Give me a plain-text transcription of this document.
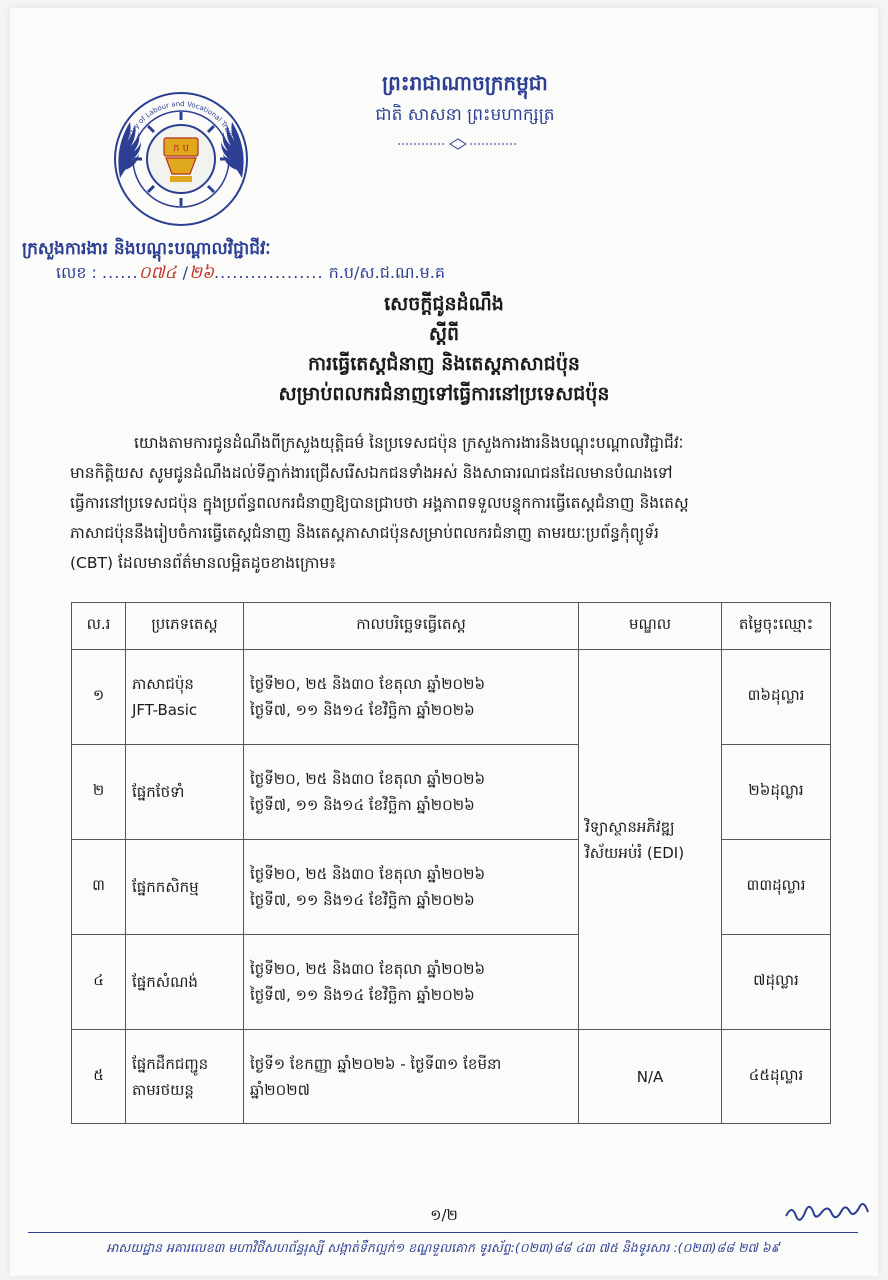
ក ប
Ministry of Labour and Vocational Training
ព្រះរាជាណាចក្រកម្ពុជា
ជាតិ សាសនា ព្រះមហាក្សត្រ
ក្រសួងការងារ និងបណ្តុះបណ្តាលវិជ្ជាជីវៈ
លេខ : ......០៧៤ /២៦.................. ក.ប/ស.ជ.ណ.ម.គ
សេចក្តីជូនដំណឹង
ស្តីពី
ការធ្វើតេស្តជំនាញ និងតេស្តភាសាជប៉ុន
សម្រាប់ពលករជំនាញទៅធ្វើការនៅប្រទេសជប៉ុន
យោងតាមការជូនដំណឹងពីក្រសួងយុត្តិធម៌ នៃប្រទេសជប៉ុន ក្រសួងការងារនិងបណ្តុះបណ្តាលវិជ្ជាជីវៈ
មានកិត្តិយស សូមជូនដំណឹងដល់ទីភ្នាក់ងារជ្រើសរើសឯកជនទាំងអស់ និងសាធារណជនដែលមានបំណងទៅ
ធ្វើការនៅប្រទេសជប៉ុន ក្នុងប្រព័ន្ធពលករជំនាញឱ្យបានជ្រាបថា អង្គភាពទទួលបន្ទុកការធ្វើតេស្តជំនាញ និងតេស្ត
ភាសាជប៉ុននឹងរៀបចំការធ្វើតេស្តជំនាញ និងតេស្តភាសាជប៉ុនសម្រាប់ពលករជំនាញ តាមរយៈប្រព័ន្ធកុំព្យូទ័រ
(CBT) ដែលមានព័ត៌មានលម្អិតដូចខាងក្រោម៖
ល.រ	ប្រភេទតេស្ត	កាលបរិច្ឆេទធ្វើតេស្ត	មណ្ឌល	តម្លៃចុះឈ្មោះ
១	ភាសាជប៉ុន
JFT-Basic	ថ្ងៃទី២០, ២៥ និង៣០ ខែតុលា ឆ្នាំ២០២៦
ថ្ងៃទី៧, ១១ និង១៤ ខែវិច្ឆិកា ឆ្នាំ២០២៦	វិទ្យាស្ថានអភិវឌ្ឍ
វិស័យអប់រំ (EDI)	៣៦ដុល្លារ
២	ផ្នែកថែទាំ	ថ្ងៃទី២០, ២៥ និង៣០ ខែតុលា ឆ្នាំ២០២៦
ថ្ងៃទី៧, ១១ និង១៤ ខែវិច្ឆិកា ឆ្នាំ២០២៦		២៦ដុល្លារ
៣	ផ្នែកកសិកម្ម	ថ្ងៃទី២០, ២៥ និង៣០ ខែតុលា ឆ្នាំ២០២៦
ថ្ងៃទី៧, ១១ និង១៤ ខែវិច្ឆិកា ឆ្នាំ២០២៦		៣៣ដុល្លារ
៤	ផ្នែកសំណង់	ថ្ងៃទី២០, ២៥ និង៣០ ខែតុលា ឆ្នាំ២០២៦
ថ្ងៃទី៧, ១១ និង១៤ ខែវិច្ឆិកា ឆ្នាំ២០២៦		៧ដុល្លារ
៥	ផ្នែកដឹកជញ្ជូន
តាមរថយន្ត	ថ្ងៃទី១ ខែកញ្ញា ឆ្នាំ២០២៦ - ថ្ងៃទី៣១ ខែមីនា
ឆ្នាំ២០២៧	N/A	៤៥ដុល្លារ
១/២
អាសយដ្ឋាន អគារលេខ៣ មហាវិថីសហព័ន្ធរុស្សី សង្កាត់ទឹកល្អក់១ ខណ្ឌទួលគោក ទូរស័ព្ទ:(០២៣)៨៨ ៤៣ ៧៥ និងទូរសារ :(០២៣)៨៨ ២៧ ៦៩
